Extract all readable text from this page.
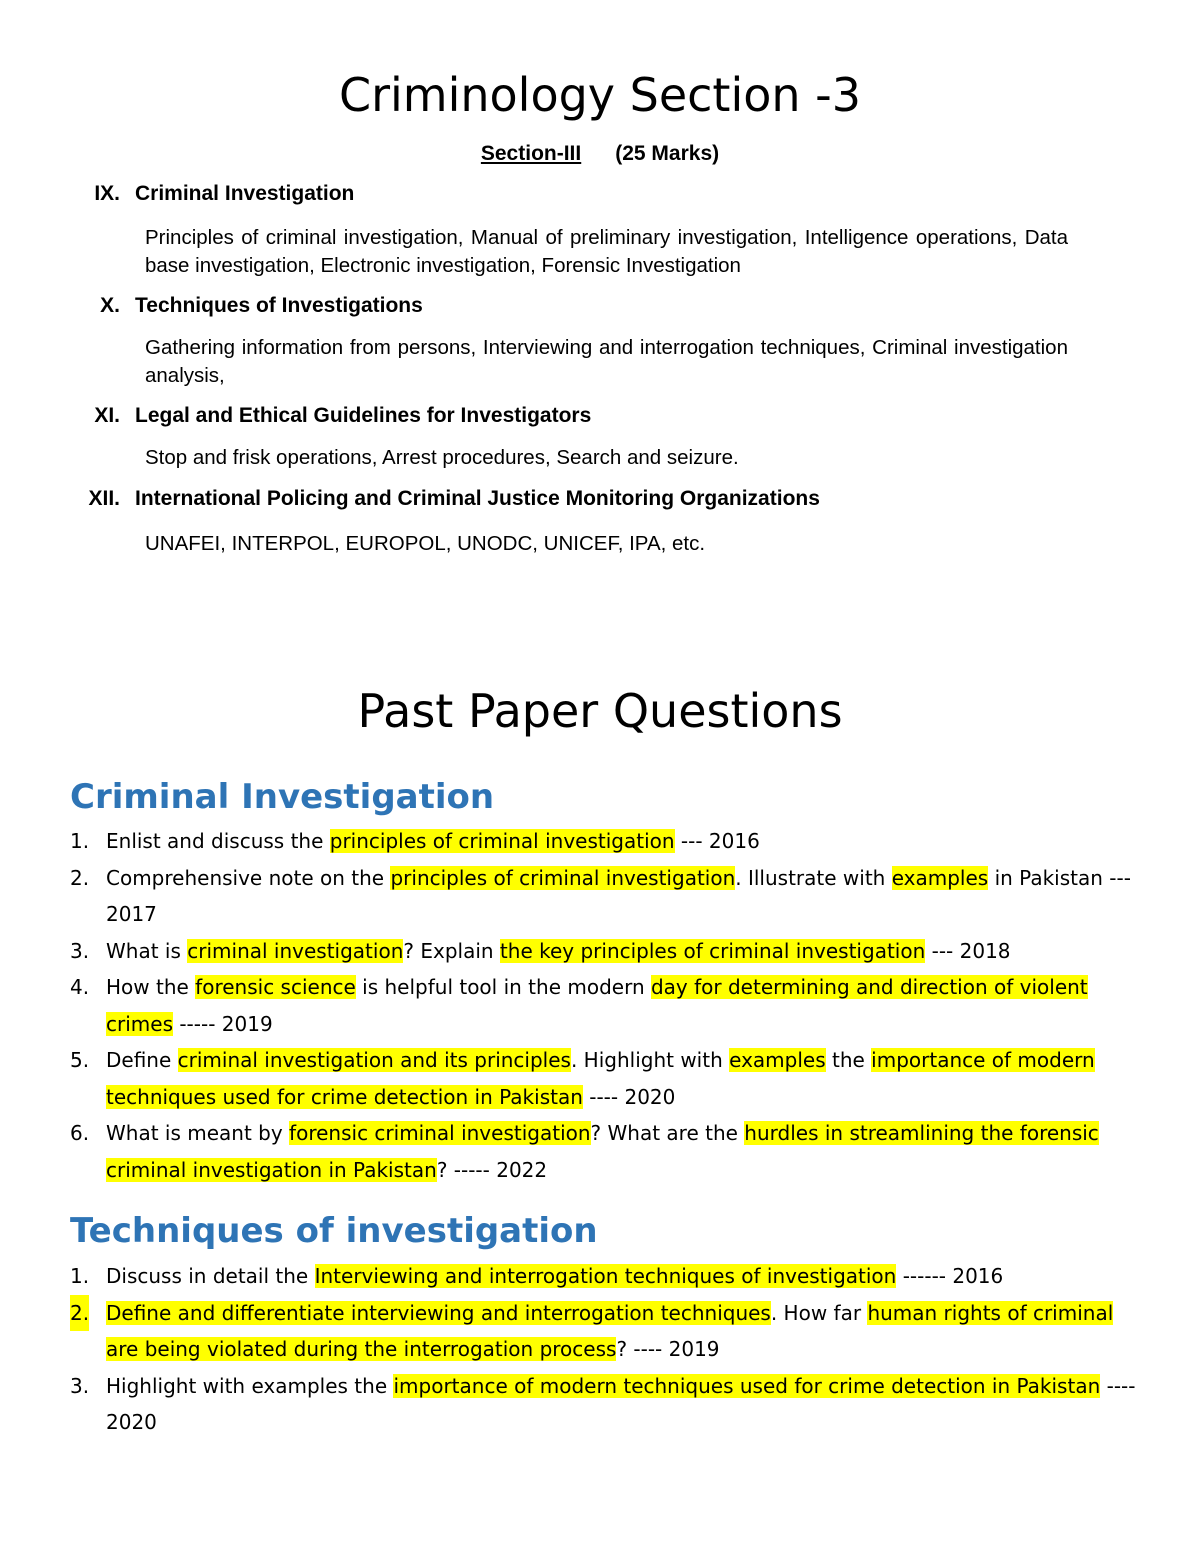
Criminology Section -3
Section-III (25 Marks)
IX. Criminal Investigation
Principles of criminal investigation, Manual of preliminary investigation, Intelligence operations, Data base investigation, Electronic investigation, Forensic Investigation
X. Techniques of Investigations
Gathering information from persons, Interviewing and interrogation techniques, Criminal investigation analysis,
XI. Legal and Ethical Guidelines for Investigators
Stop and frisk operations, Arrest procedures, Search and seizure.
XII. International Policing and Criminal Justice Monitoring Organizations
UNAFEI, INTERPOL, EUROPOL, UNODC, UNICEF, IPA, etc.
Past Paper Questions
Criminal Investigation
1. Enlist and discuss the principles of criminal investigation --- 2016
2. Comprehensive note on the principles of criminal investigation. Illustrate with examples in Pakistan --- 2017
3. What is criminal investigation? Explain the key principles of criminal investigation --- 2018
4. How the forensic science is helpful tool in the modern day for determining and direction of violent crimes ----- 2019
5. Define criminal investigation and its principles. Highlight with examples the importance of modern techniques used for crime detection in Pakistan ---- 2020
6. What is meant by forensic criminal investigation? What are the hurdles in streamlining the forensic criminal investigation in Pakistan? ----- 2022
Techniques of investigation
1. Discuss in detail the Interviewing and interrogation techniques of investigation ------ 2016
2. Define and differentiate interviewing and interrogation techniques. How far human rights of criminal are being violated during the interrogation process? ---- 2019
3. Highlight with examples the importance of modern techniques used for crime detection in Pakistan ---- 2020
